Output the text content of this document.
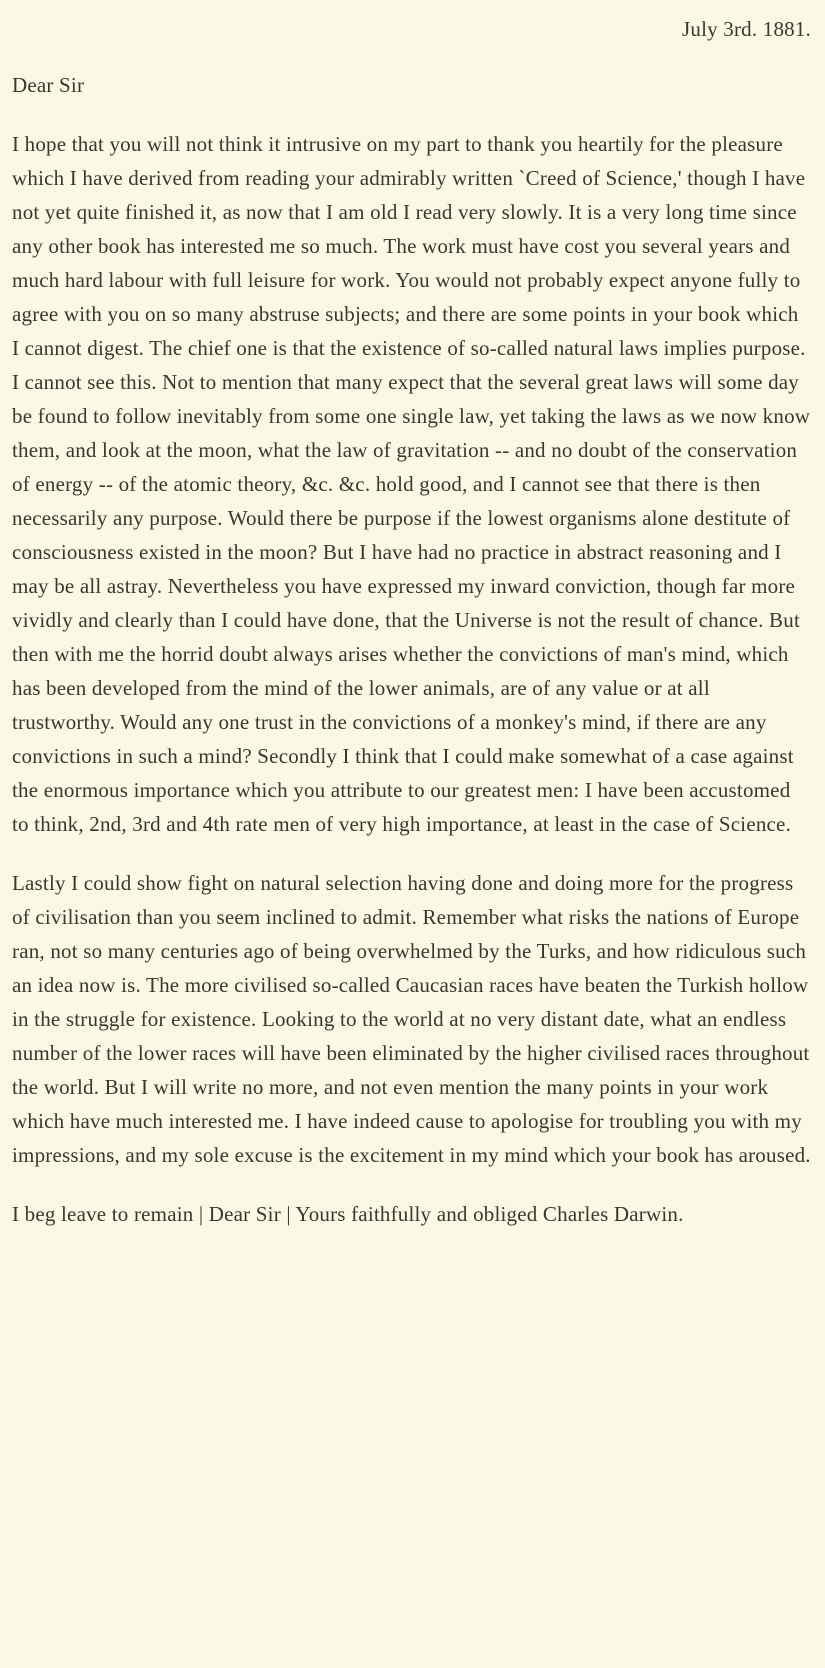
July 3rd. 1881.

Dear Sir

I hope that you will not think it intrusive on my part to thank you heartily for the pleasure which I have derived from reading your admirably written `Creed of Science,' though I have not yet quite finished it, as now that I am old I read very slowly. It is a very long time since any other book has interested me so much. The work must have cost you several years and much hard labour with full leisure for work. You would not probably expect anyone fully to agree with you on so many abstruse subjects; and there are some points in your book which I cannot digest. The chief one is that the existence of so-called natural laws implies purpose. I cannot see this. Not to mention that many expect that the several great laws will some day be found to follow inevitably from some one single law, yet taking the laws as we now know them, and look at the moon, what the law of gravitation -- and no doubt of the conservation of energy -- of the atomic theory, &c. &c. hold good, and I cannot see that there is then necessarily any purpose. Would there be purpose if the lowest organisms alone destitute of consciousness existed in the moon? But I have had no practice in abstract reasoning and I may be all astray. Nevertheless you have expressed my inward conviction, though far more vividly and clearly than I could have done, that the Universe is not the result of chance. But then with me the horrid doubt always arises whether the convictions of man's mind, which has been developed from the mind of the lower animals, are of any value or at all trustworthy. Would any one trust in the convictions of a monkey's mind, if there are any convictions in such a mind? Secondly I think that I could make somewhat of a case against the enormous importance which you attribute to our greatest men: I have been accustomed to think, 2nd, 3rd and 4th rate men of very high importance, at least in the case of Science.

Lastly I could show fight on natural selection having done and doing more for the progress of civilisation than you seem inclined to admit. Remember what risks the nations of Europe ran, not so many centuries ago of being overwhelmed by the Turks, and how ridiculous such an idea now is. The more civilised so-called Caucasian races have beaten the Turkish hollow in the struggle for existence. Looking to the world at no very distant date, what an endless number of the lower races will have been eliminated by the higher civilised races throughout the world. But I will write no more, and not even mention the many points in your work which have much interested me. I have indeed cause to apologise for troubling you with my impressions, and my sole excuse is the excitement in my mind which your book has aroused.

I beg leave to remain | Dear Sir | Yours faithfully and obliged Charles Darwin.
